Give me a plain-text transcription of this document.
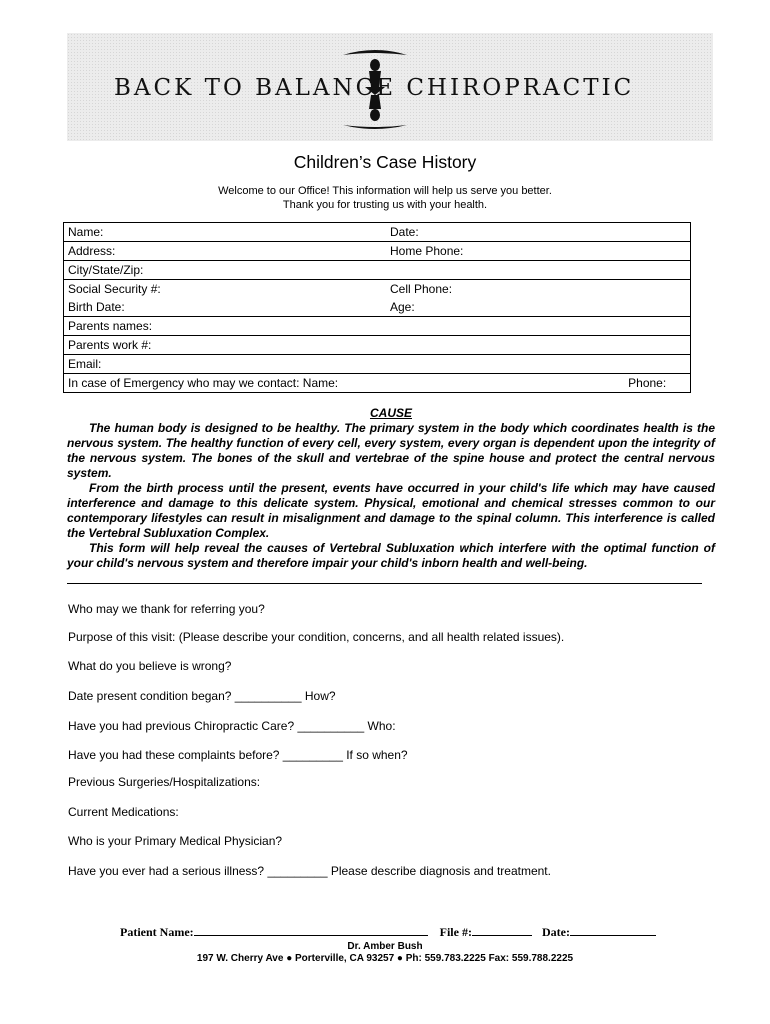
BACK TO BALANCE CHIROPRACTIC
Children’s Case History
Welcome to our Office! This information will help us serve you better.
Thank you for trusting us with your health.
Name:	Date:	
Address:	Home Phone:	
City/State/Zip:		
Social Security #:	Cell Phone:	
Birth Date:	Age:	
Parents names:		
Parents work #:		
Email:		
In case of Emergency who may we contact: Name:		Phone:
CAUSE

The human body is designed to be healthy. The primary system in the body which coordinates health is the nervous system. The healthy function of every cell, every system, every organ is dependent upon the integrity of the nervous system. The bones of the skull and vertebrae of the spine house and protect the central nervous system.

From the birth process until the present, events have occurred in your child's life which may have caused interference and damage to this delicate system. Physical, emotional and chemical stresses common to our contemporary lifestyles can result in misalignment and damage to the spinal column. This interference is called the Vertebral Subluxation Complex.

This form will help reveal the causes of Vertebral Subluxation which interfere with the optimal function of your child's nervous system and therefore impair your child's inborn health and well-being.

Who may we thank for referring you?
Purpose of this visit: (Please describe your condition, concerns, and all health related issues).
What do you believe is wrong?
Date present condition began? __________ How?
Have you had previous Chiropractic Care? __________ Who:
Have you had these complaints before? _________ If so when?
Previous Surgeries/Hospitalizations:
Current Medications:
Who is your Primary Medical Physician?
Have you ever had a serious illness? _________ Please describe diagnosis and treatment.
Patient Name:	File #:	Date:
Dr. Amber Bush
197 W. Cherry Ave ● Porterville, CA 93257 ● Ph: 559.783.2225 Fax: 559.788.2225
